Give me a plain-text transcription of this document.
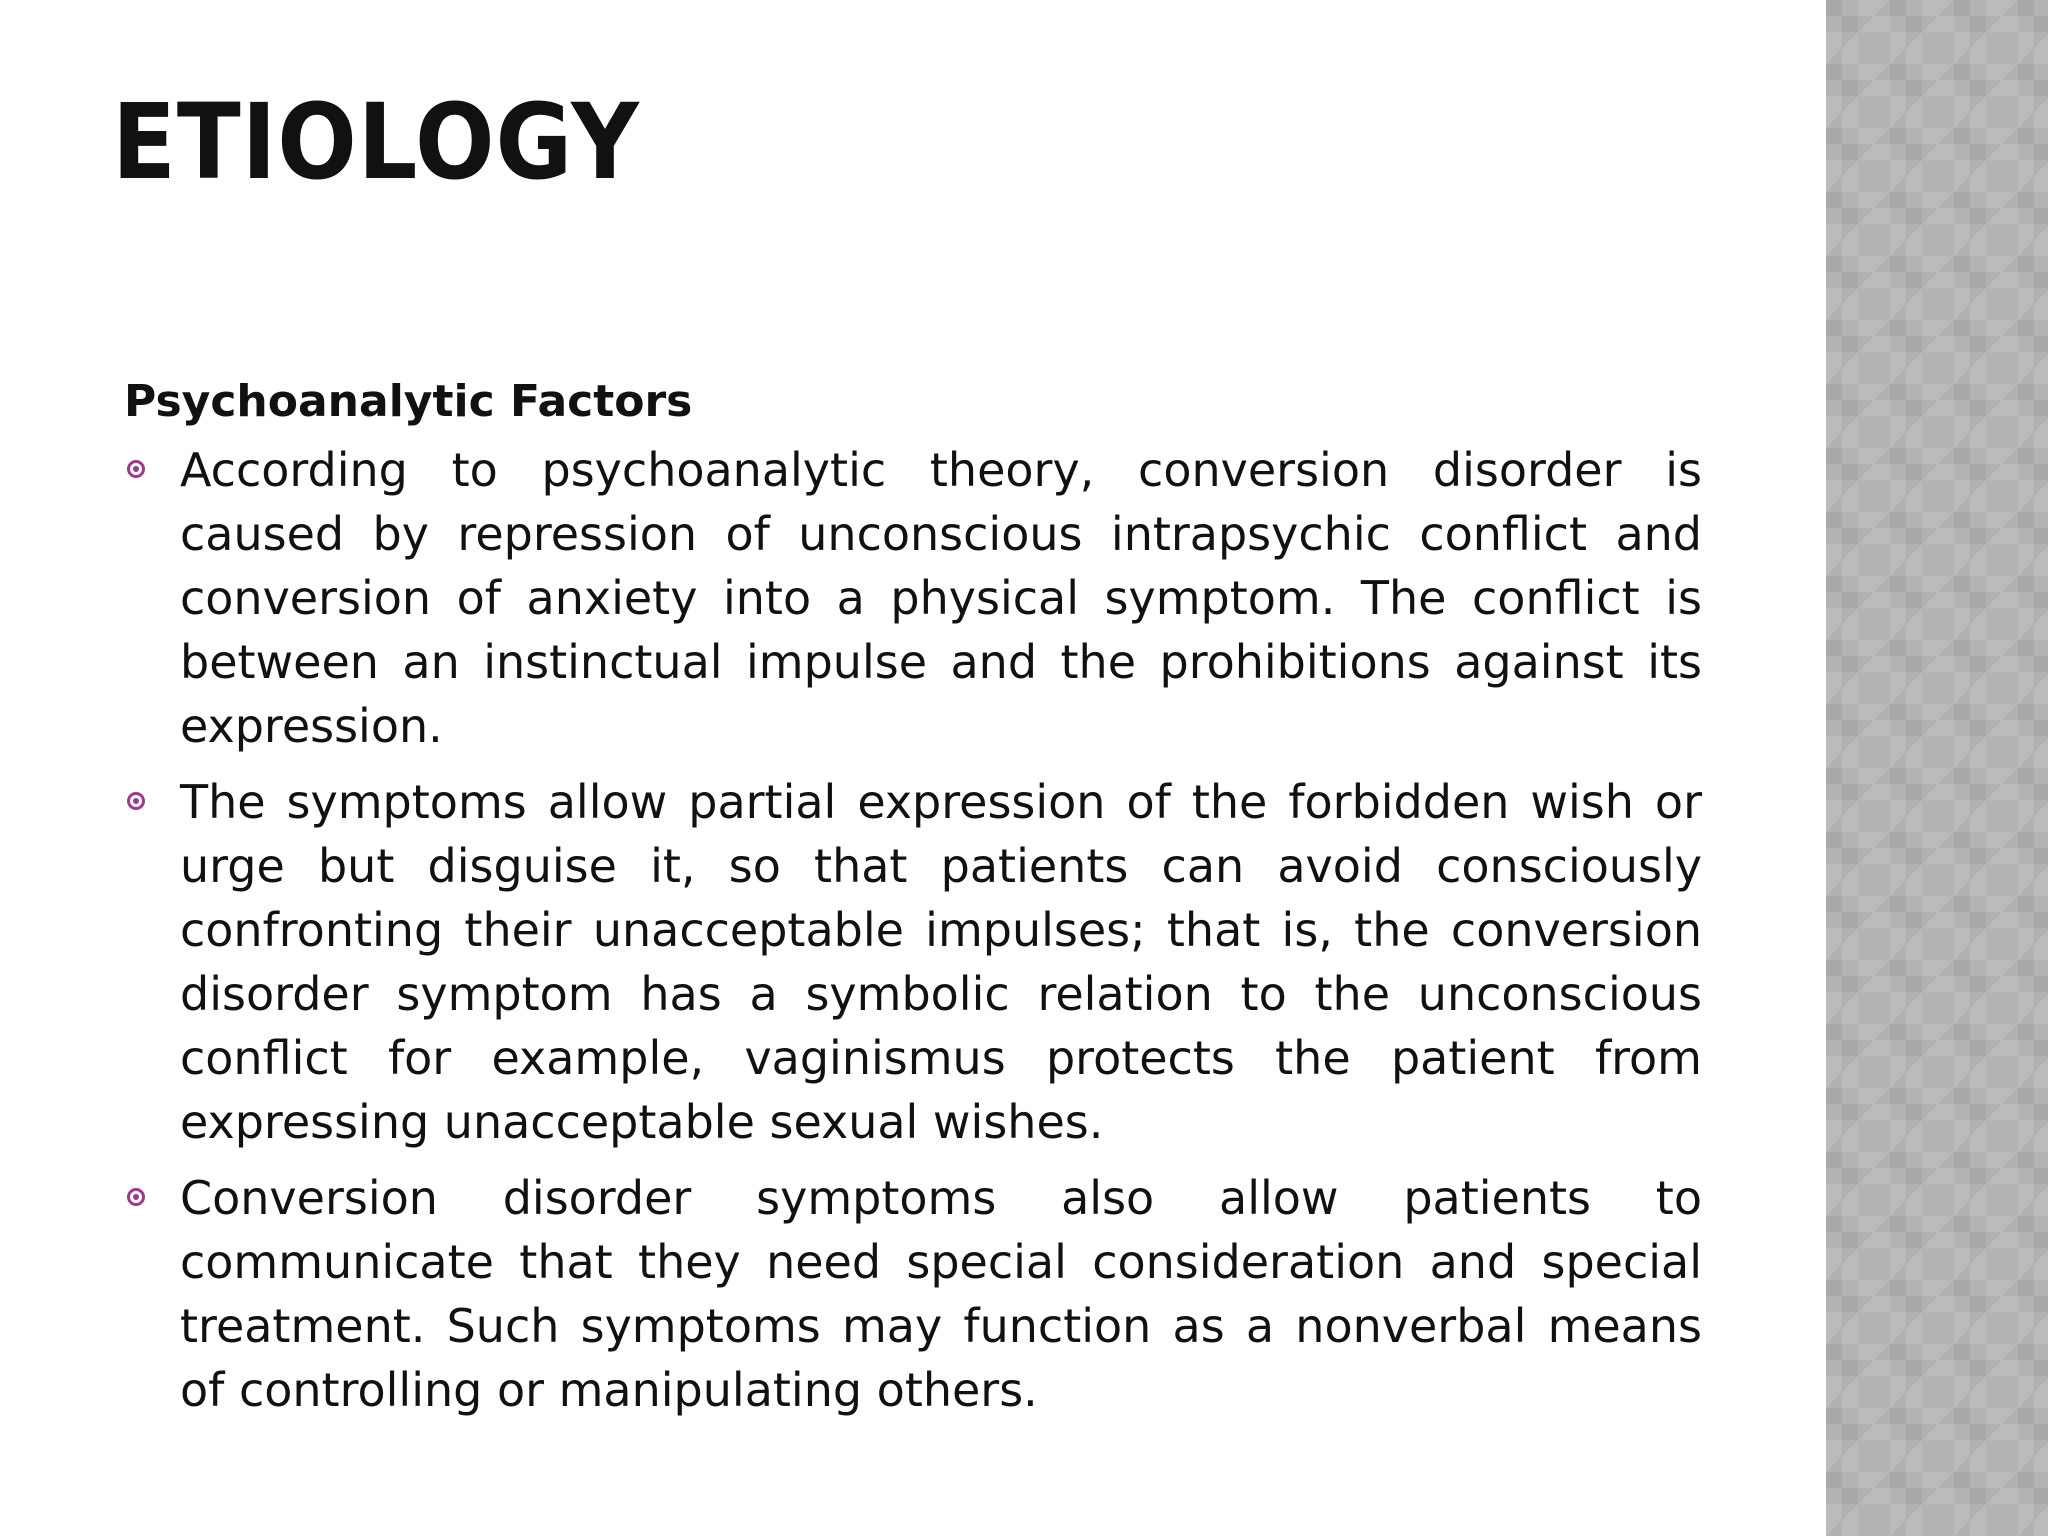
ETIOLOGY
Psychoanalytic Factors
According to psychoanalytic theory, conversion disorder is caused by repression of unconscious intrapsychic conflict and conversion of anxiety into a physical symptom. The conflict is between an instinctual impulse and the prohibitions against its expression.
The symptoms allow partial expression of the forbidden wish or urge but disguise it, so that patients can avoid consciously confronting their unacceptable impulses; that is, the conversion disorder symptom has a symbolic relation to the unconscious conflict for example, vaginismus protects the patient from expressing unacceptable sexual wishes.
Conversion disorder symptoms also allow patients to communicate that they need special consideration and special treatment. Such symptoms may function as a nonverbal means of controlling or manipulating others.
